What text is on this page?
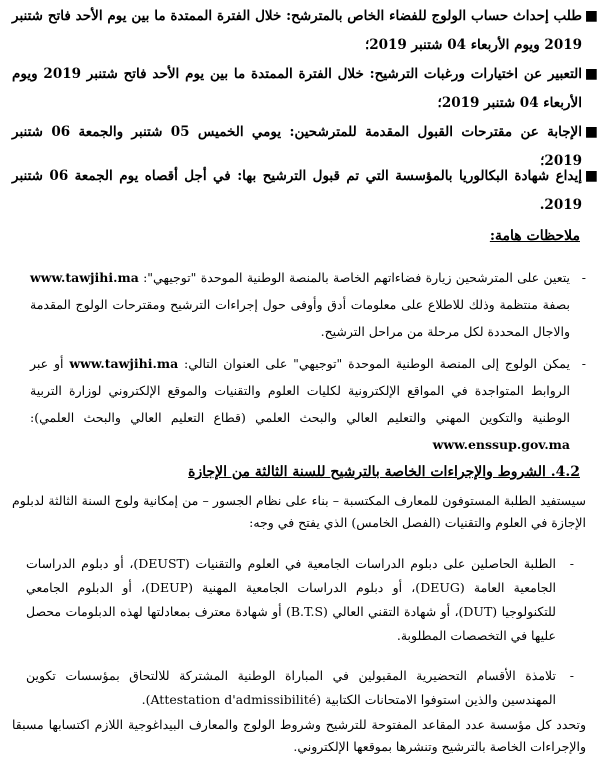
■
طلب إحداث حساب الولوج للفضاء الخاص بالمترشح: خلال الفترة الممتدة ما بين يوم الأحد فاتح شتنبر 2019 ويوم الأربعاء 04 شتنبر 2019؛
■
التعبير عن اختيارات ورغبات الترشيح: خلال الفترة الممتدة ما بين يوم الأحد فاتح شتنبر 2019 ويوم الأربعاء 04 شتنبر 2019؛
■
الإجابة عن مقترحات القبول المقدمة للمترشحين: يومي الخميس 05 شتنبر والجمعة 06 شتنبر 2019؛
■
إيداع شهادة البكالوريا بالمؤسسة التي تم قبول الترشيح بها: في أجل أقصاه يوم الجمعة 06 شتنبر 2019.
ملاحظات هامة:
-
يتعين على المترشحين زيارة فضاءاتهم الخاصة بالمنصة الوطنية الموحدة "توجيهي": www.tawjihi.ma بصفة منتظمة وذلك للاطلاع على معلومات أدق وأوفى حول إجراءات الترشيح ومقترحات الولوج المقدمة والاجال المحددة لكل مرحلة من مراحل الترشيح.
-
يمكن الولوج إلى المنصة الوطنية الموحدة "توجيهي" على العنوان التالي: www.tawjihi.ma أو عبر الروابط المتواجدة في المواقع الإلكترونية لكليات العلوم والتقنيات والموقع الإلكتروني لوزارة التربية الوطنية والتكوين المهني والتعليم العالي والبحث العلمي (قطاع التعليم العالي والبحث العلمي): www.enssup.gov.ma
4.2. الشروط والإجراءات الخاصة بالترشيح للسنة الثالثة من الإجازة
سيستفيد الطلبة المستوفون للمعارف المكتسبة – بناء على نظام الجسور – من إمكانية ولوج السنة الثالثة لدبلوم الإجازة في العلوم والتقنيات (الفصل الخامس) الذي يفتح في وجه:
-
الطلبة الحاصلين على دبلوم الدراسات الجامعية في العلوم والتقنيات (DEUST)، أو دبلوم الدراسات الجامعية العامة (DEUG)، أو دبلوم الدراسات الجامعية المهنية (DEUP)، أو الدبلوم الجامعي للتكنولوجيا (DUT)، أو شهادة التقني العالي (B.T.S) أو شهادة معترف بمعادلتها لهذه الدبلومات محصل عليها في التخصصات المطلوبة.
-
تلامذة الأقسام التحضيرية المقبولين في المباراة الوطنية المشتركة للالتحاق بمؤسسات تكوين المهندسين والذين استوفوا الامتحانات الكتابية (Attestation d'admissibilité).
وتحدد كل مؤسسة عدد المقاعد المفتوحة للترشيح وشروط الولوج والمعارف البيداغوجية اللازم اكتسابها مسبقا والإجراءات الخاصة بالترشيح وتنشرها بموقعها الإلكتروني.
